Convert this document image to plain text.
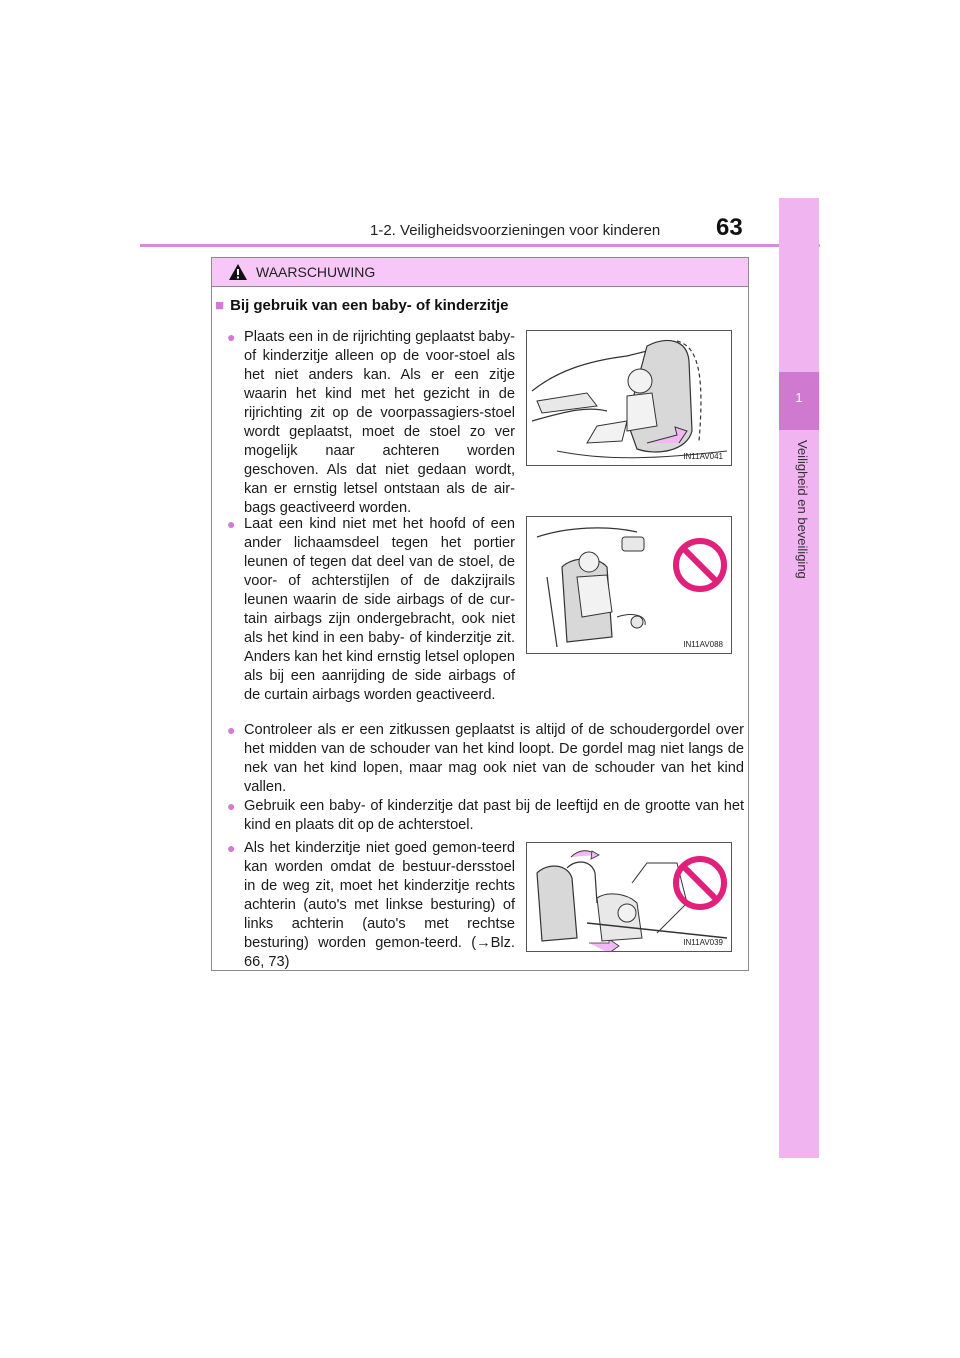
1-2. Veiligheidsvoorzieningen voor kinderen	63
1
Veiligheid en beveiliging
WAARSCHUWING
■ Bij gebruik van een baby- of kinderzitje
● Plaats een in de rijrichting geplaatst baby- of kinderzitje alleen op de voor-stoel als het niet anders kan. Als er een zitje waarin het kind met het gezicht in de rijrichting zit op de voorpassagiers-stoel wordt geplaatst, moet de stoel zo ver mogelijk naar achteren worden geschoven. Als dat niet gedaan wordt, kan er ernstig letsel ontstaan als de air-bags geactiveerd worden.
IN11AV041
● Laat een kind niet met het hoofd of een ander lichaamsdeel tegen het portier leunen of tegen dat deel van de stoel, de voor- of achterstijlen of de dakzijrails leunen waarin de side airbags of de cur-tain airbags zijn ondergebracht, ook niet als het kind in een baby- of kinderzitje zit. Anders kan het kind ernstig letsel oplopen als bij een aanrijding de side airbags of de curtain airbags worden geactiveerd.
IN11AV088
● Controleer als er een zitkussen geplaatst is altijd of de schoudergordel over het midden van de schouder van het kind loopt. De gordel mag niet langs de nek van het kind lopen, maar mag ook niet van de schouder van het kind vallen.
● Gebruik een baby- of kinderzitje dat past bij de leeftijd en de grootte van het kind en plaats dit op de achterstoel.
● Als het kinderzitje niet goed gemon-teerd kan worden omdat de bestuur-dersstoel in de weg zit, moet het kinderzitje rechts achterin (auto's met linkse besturing) of links achterin (auto's met rechtse besturing) worden gemon-teerd. (→Blz. 66, 73)
IN11AV039
